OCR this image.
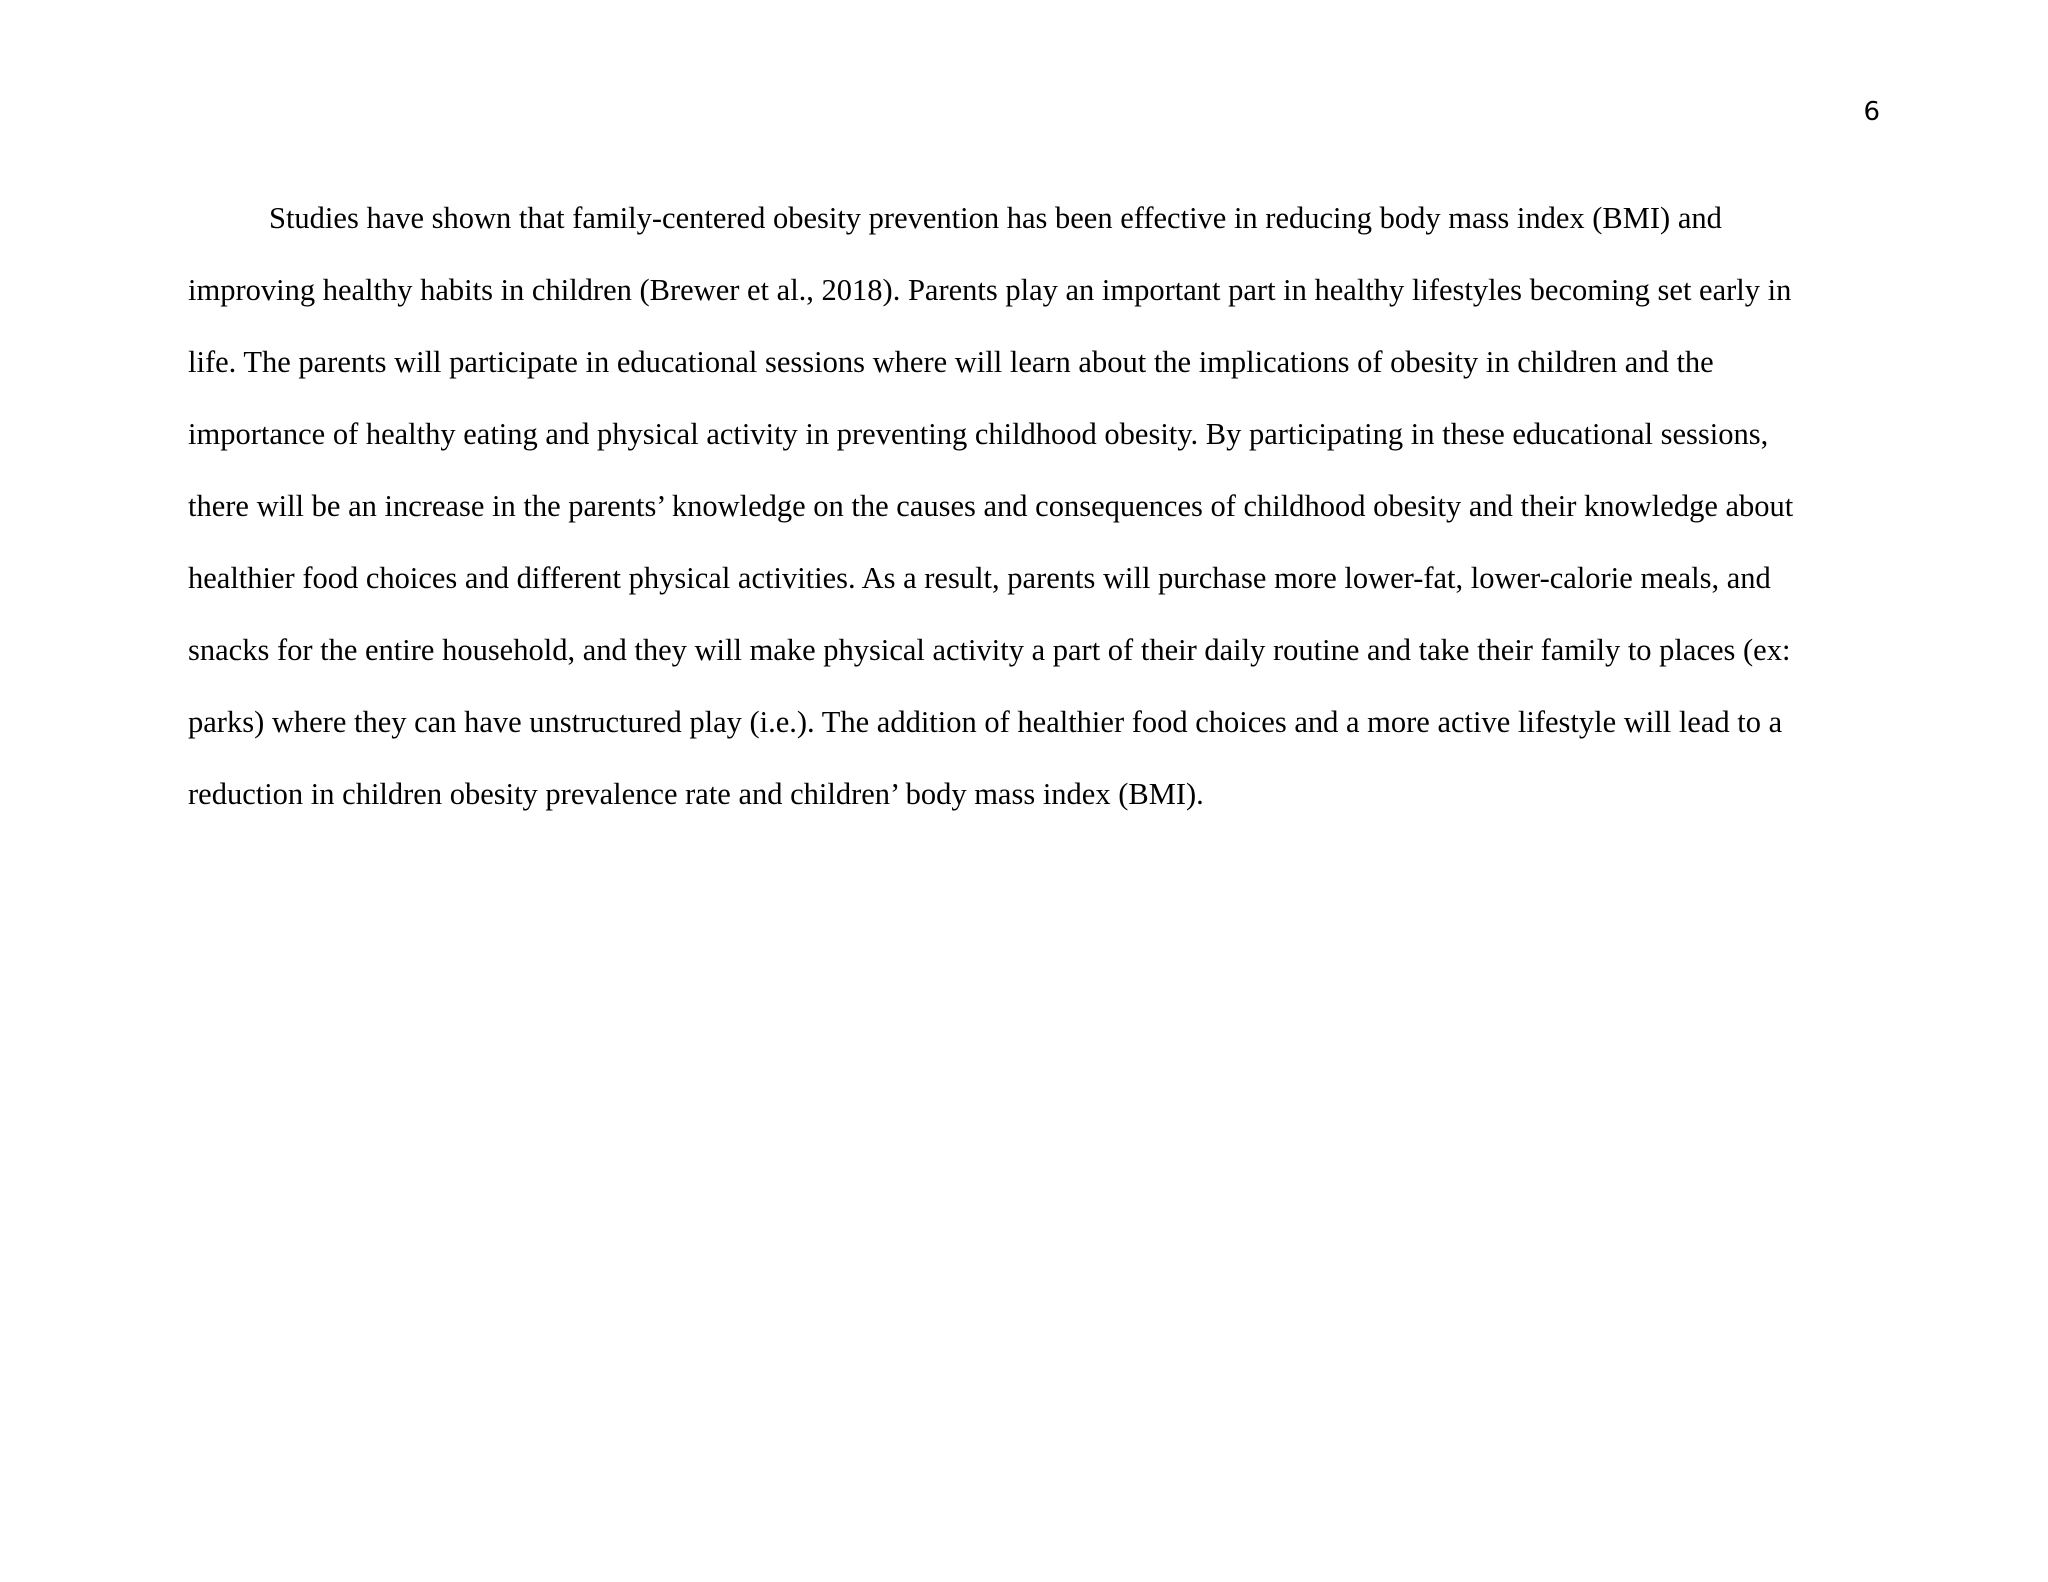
6

Studies have shown that family-centered obesity prevention has been effective in reducing body mass index (BMI) and
improving healthy habits in children (Brewer et al., 2018). Parents play an important part in healthy lifestyles becoming set early in
life. The parents will participate in educational sessions where will learn about the implications of obesity in children and the
importance of healthy eating and physical activity in preventing childhood obesity. By participating in these educational sessions,
there will be an increase in the parents’ knowledge on the causes and consequences of childhood obesity and their knowledge about
healthier food choices and different physical activities. As a result, parents will purchase more lower-fat, lower-calorie meals, and
snacks for the entire household, and they will make physical activity a part of their daily routine and take their family to places (ex:
parks) where they can have unstructured play (i.e.). The addition of healthier food choices and a more active lifestyle will lead to a
reduction in children obesity prevalence rate and children’ body mass index (BMI).
